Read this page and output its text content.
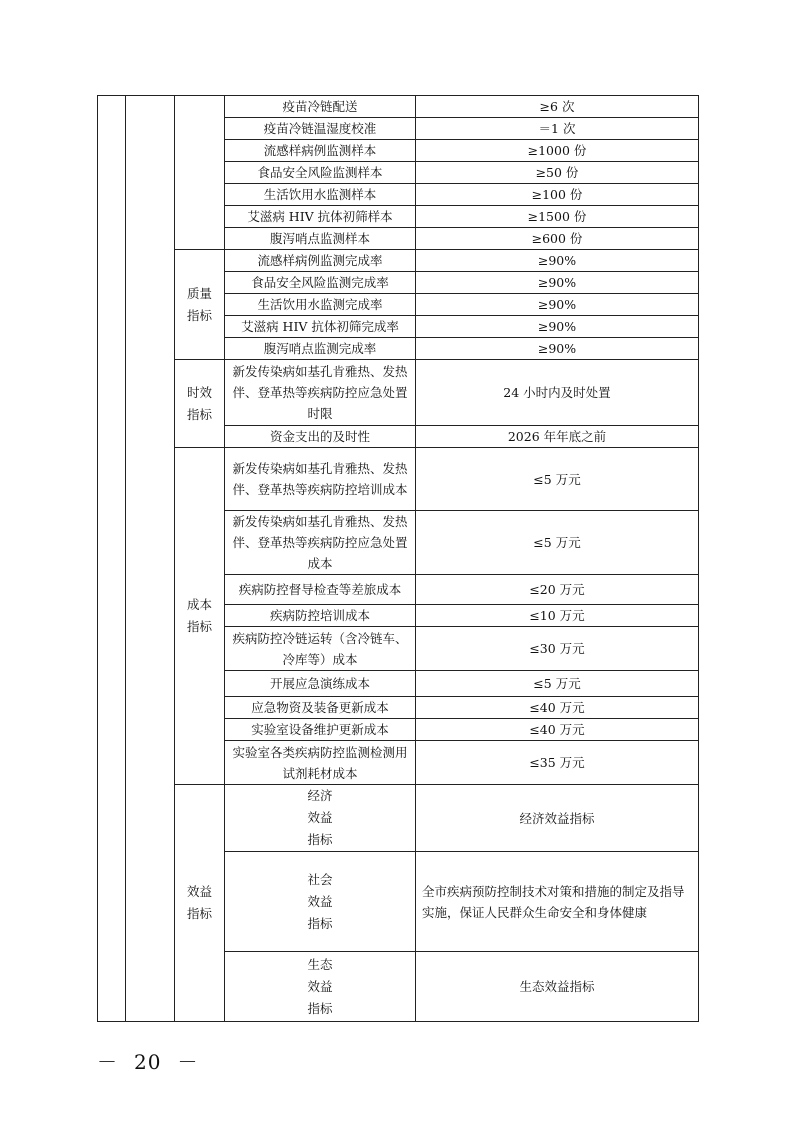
			疫苗冷链配送	≥6 次	
			疫苗冷链温湿度校准	＝1 次	
			流感样病例监测样本	≥1000 份	
			食品安全风险监测样本	≥50 份	
			生活饮用水监测样本	≥100 份	
			艾滋病 HIV 抗体初筛样本	≥1500 份	
			腹泻哨点监测样本	≥600 份	
		质量指标	流感样病例监测完成率	≥90%	
			食品安全风险监测完成率	≥90%	
			生活饮用水监测完成率	≥90%	
			艾滋病 HIV 抗体初筛完成率	≥90%	
			腹泻哨点监测完成率	≥90%	
		时效指标	新发传染病如基孔肯雅热、发热伴、登革热等疾病防控应急处置时限	24 小时内及时处置	
			资金支出的及时性	2026 年年底之前	
		成本指标	新发传染病如基孔肯雅热、发热伴、登革热等疾病防控培训成本	≤5 万元	
			新发传染病如基孔肯雅热、发热伴、登革热等疾病防控应急处置成本	≤5 万元	
			疾病防控督导检查等差旅成本	≤20 万元	
			疾病防控培训成本	≤10 万元	
			疾病防控冷链运转（含冷链车、冷库等）成本	≤30 万元	
			开展应急演练成本	≤5 万元	
			应急物资及装备更新成本	≤40 万元	
			实验室设备维护更新成本	≤40 万元	
			实验室各类疾病防控监测检测用试剂耗材成本	≤35 万元	
		效益指标	经济效益指标	经济效益指标	
			社会效益指标	全市疾病预防控制技术对策和措施的制定及指导实施，保证人民群众生命安全和身体健康	
			生态效益指标	生态效益指标	
－ 20 －
